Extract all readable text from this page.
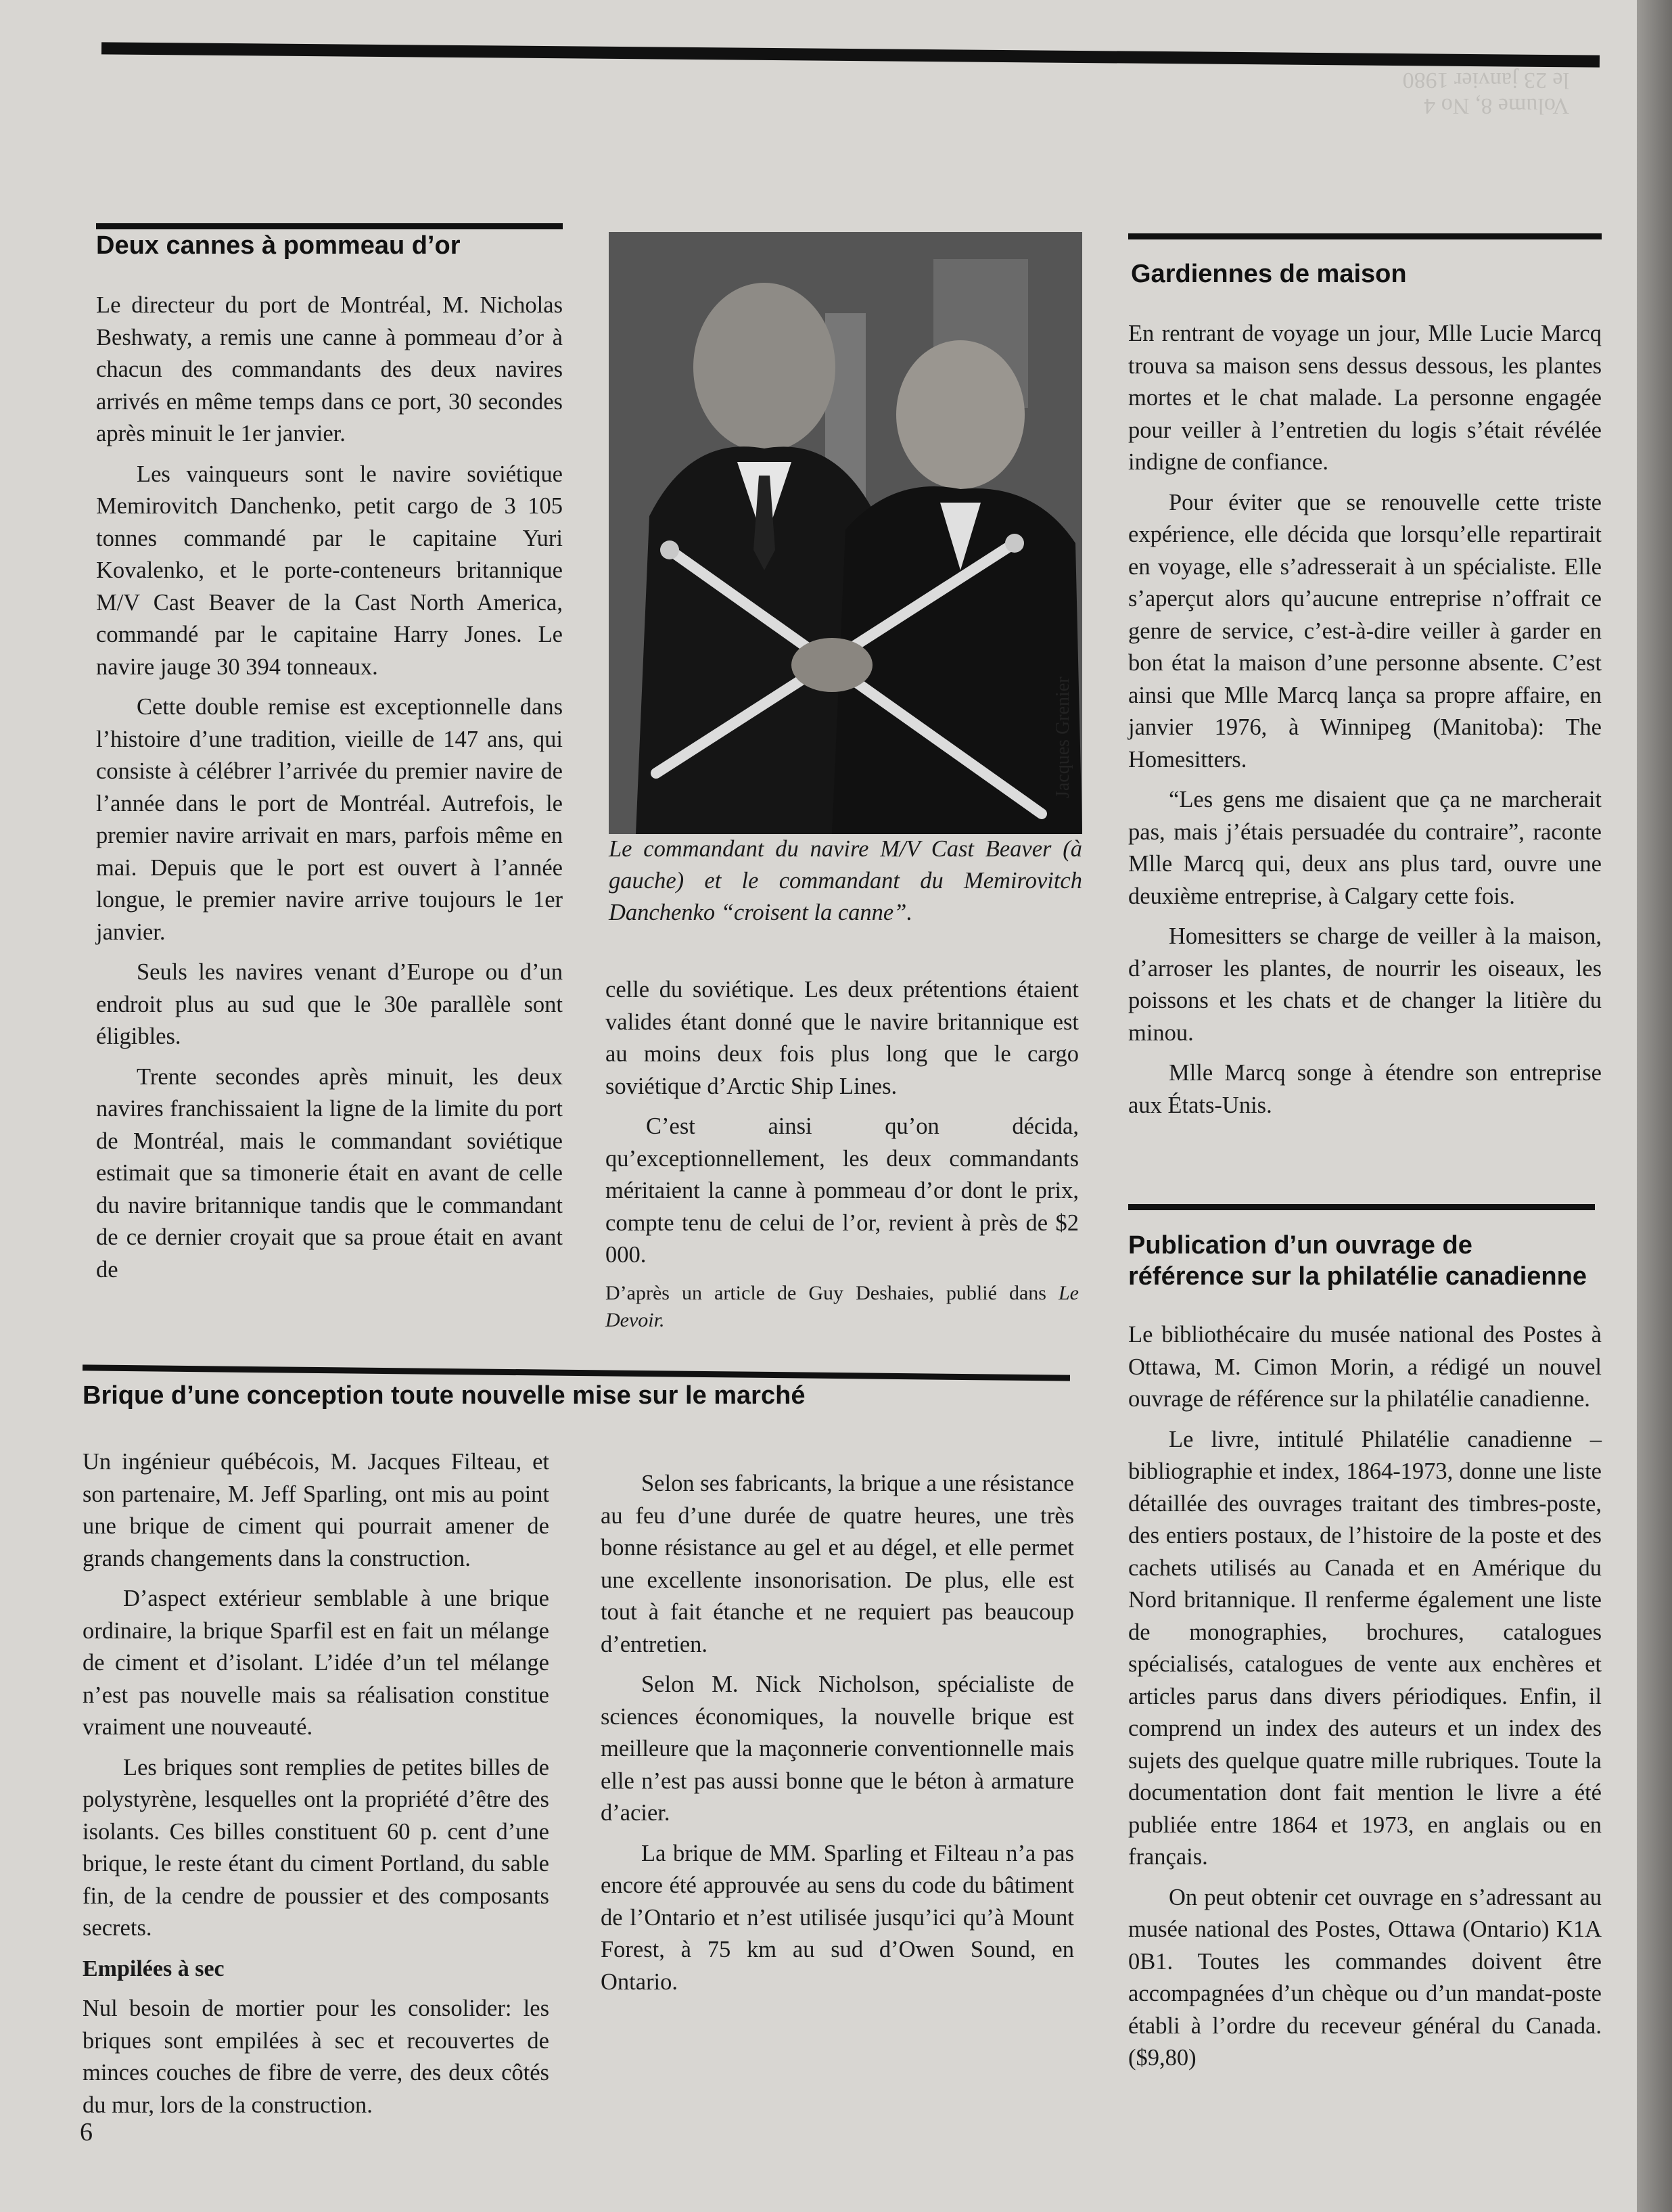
Volume 8, No 4
le 23 janvier 1980
Deux cannes à pommeau d’or

Le directeur du port de Montréal, M. Nicholas Beshwaty, a remis une canne à pommeau d’or à chacun des commandants des deux navires arrivés en même temps dans ce port, 30 secondes après minuit le 1er janvier.

Les vainqueurs sont le navire soviétique Memirovitch Danchenko, petit cargo de 3 105 tonnes commandé par le capitaine Yuri Kovalenko, et le porte-conteneurs britannique M/V Cast Beaver de la Cast North America, commandé par le capitaine Harry Jones. Le navire jauge 30 394 tonneaux.

Cette double remise est exceptionnelle dans l’histoire d’une tradition, vieille de 147 ans, qui consiste à célébrer l’arrivée du premier navire de l’année dans le port de Montréal. Autrefois, le premier navire arrivait en mars, parfois même en mai. Depuis que le port est ouvert à l’année longue, le premier navire arrive toujours le 1er janvier.

Seuls les navires venant d’Europe ou d’un endroit plus au sud que le 30e parallèle sont éligibles.

Trente secondes après minuit, les deux navires franchissaient la ligne de la limite du port de Montréal, mais le commandant soviétique estimait que sa timonerie était en avant de celle du navire britannique tandis que le commandant de ce dernier croyait que sa proue était en avant de

Jacques Grenier
Le commandant du navire M/V Cast Beaver (à gauche) et le commandant du Memirovitch Danchenko “croisent la canne”.

celle du soviétique. Les deux prétentions étaient valides étant donné que le navire britannique est au moins deux fois plus long que le cargo soviétique d’Arctic Ship Lines.

C’est ainsi qu’on décida, qu’exceptionnellement, les deux commandants méritaient la canne à pommeau d’or dont le prix, compte tenu de celui de l’or, revient à près de $2 000.

D’après un article de Guy Deshaies, publié dans Le Devoir.

Brique d’une conception toute nouvelle mise sur le marché

Un ingénieur québécois, M. Jacques Filteau, et son partenaire, M. Jeff Sparling, ont mis au point une brique de ciment qui pourrait amener de grands changements dans la construction.

D’aspect extérieur semblable à une brique ordinaire, la brique Sparfil est en fait un mélange de ciment et d’isolant. L’idée d’un tel mélange n’est pas nouvelle mais sa réalisation constitue vraiment une nouveauté.

Les briques sont remplies de petites billes de polystyrène, lesquelles ont la propriété d’être des isolants. Ces billes constituent 60 p. cent d’une brique, le reste étant du ciment Portland, du sable fin, de la cendre de poussier et des composants secrets.

Empilées à sec

Nul besoin de mortier pour les consolider: les briques sont empilées à sec et recouvertes de minces couches de fibre de verre, des deux côtés du mur, lors de la construction.

Selon ses fabricants, la brique a une résistance au feu d’une durée de quatre heures, une très bonne résistance au gel et au dégel, et elle permet une excellente insonorisation. De plus, elle est tout à fait étanche et ne requiert pas beaucoup d’entretien.

Selon M. Nick Nicholson, spécialiste de sciences économiques, la nouvelle brique est meilleure que la maçonnerie conventionnelle mais elle n’est pas aussi bonne que le béton à armature d’acier.

La brique de MM. Sparling et Filteau n’a pas encore été approuvée au sens du code du bâtiment de l’Ontario et n’est utilisée jusqu’ici qu’à Mount Forest, à 75 km au sud d’Owen Sound, en Ontario.

Gardiennes de maison

En rentrant de voyage un jour, Mlle Lucie Marcq trouva sa maison sens dessus dessous, les plantes mortes et le chat malade. La personne engagée pour veiller à l’entretien du logis s’était révélée indigne de confiance.

Pour éviter que se renouvelle cette triste expérience, elle décida que lorsqu’elle repartirait en voyage, elle s’adresserait à un spécialiste. Elle s’aperçut alors qu’aucune entreprise n’offrait ce genre de service, c’est-à-dire veiller à garder en bon état la maison d’une personne absente. C’est ainsi que Mlle Marcq lança sa propre affaire, en janvier 1976, à Winnipeg (Manitoba): The Homesitters.

“Les gens me disaient que ça ne marcherait pas, mais j’étais persuadée du contraire”, raconte Mlle Marcq qui, deux ans plus tard, ouvre une deuxième entreprise, à Calgary cette fois.

Homesitters se charge de veiller à la maison, d’arroser les plantes, de nourrir les oiseaux, les poissons et les chats et de changer la litière du minou.

Mlle Marcq songe à étendre son entreprise aux États-Unis.

Publication d’un ouvrage de référence sur la philatélie canadienne

Le bibliothécaire du musée national des Postes à Ottawa, M. Cimon Morin, a rédigé un nouvel ouvrage de référence sur la philatélie canadienne.

Le livre, intitulé Philatélie canadienne – bibliographie et index, 1864-1973, donne une liste détaillée des ouvrages traitant des timbres-poste, des entiers postaux, de l’histoire de la poste et des cachets utilisés au Canada et en Amérique du Nord britannique. Il renferme également une liste de monographies, brochures, catalogues spécialisés, catalogues de vente aux enchères et articles parus dans divers périodiques. Enfin, il comprend un index des auteurs et un index des sujets des quelque quatre mille rubriques. Toute la documentation dont fait mention le livre a été publiée entre 1864 et 1973, en anglais ou en français.

On peut obtenir cet ouvrage en s’adressant au musée national des Postes, Ottawa (Ontario) K1A 0B1. Toutes les commandes doivent être accompagnées d’un chèque ou d’un mandat-poste établi à l’ordre du receveur général du Canada. ($9,80)

6
